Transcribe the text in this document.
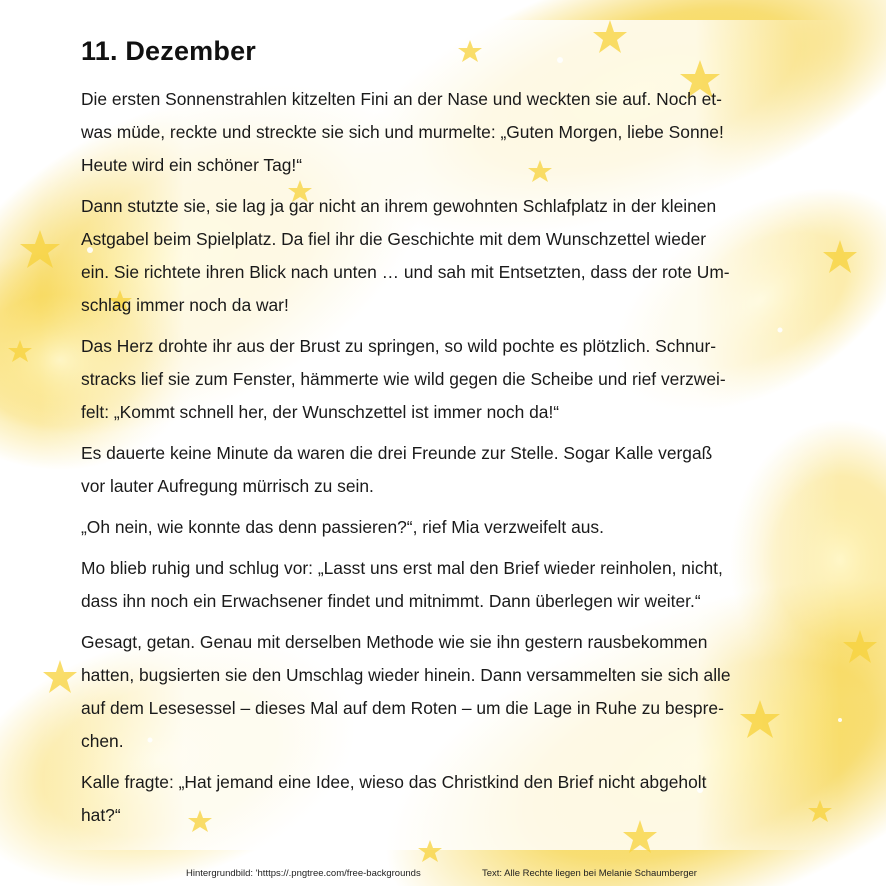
11. Dezember

Die ersten Sonnenstrahlen kitzelten Fini an der Nase und weckten sie auf. Noch et-
was müde, reckte und streckte sie sich und murmelte: „Guten Morgen, liebe Sonne!
Heute wird ein schöner Tag!“

Dann stutzte sie, sie lag ja gar nicht an ihrem gewohnten Schlafplatz in der kleinen
Astgabel beim Spielplatz. Da fiel ihr die Geschichte mit dem Wunschzettel wieder
ein. Sie richtete ihren Blick nach unten … und sah mit Entsetzten, dass der rote Um-
schlag immer noch da war!

Das Herz drohte ihr aus der Brust zu springen, so wild pochte es plötzlich. Schnur-
stracks lief sie zum Fenster, hämmerte wie wild gegen die Scheibe und rief verzwei-
felt: „Kommt schnell her, der Wunschzettel ist immer noch da!“

Es dauerte keine Minute da waren die drei Freunde zur Stelle. Sogar Kalle vergaß
vor lauter Aufregung mürrisch zu sein.

„Oh nein, wie konnte das denn passieren?“, rief Mia verzweifelt aus.

Mo blieb ruhig und schlug vor: „Lasst uns erst mal den Brief wieder reinholen, nicht,
dass ihn noch ein Erwachsener findet und mitnimmt. Dann überlegen wir weiter.“

Gesagt, getan. Genau mit derselben Methode wie sie ihn gestern rausbekommen
hatten, bugsierten sie den Umschlag wieder hinein. Dann versammelten sie sich alle
auf dem Lesesessel – dieses Mal auf dem Roten – um die Lage in Ruhe zu bespre-
chen.

Kalle fragte: „Hat jemand eine Idee, wieso das Christkind den Brief nicht abgeholt
hat?“

Hintergrundbild: 'htttps://.pngtree.com/free-backgrounds	Text: Alle Rechte liegen bei Melanie Schaumberger
